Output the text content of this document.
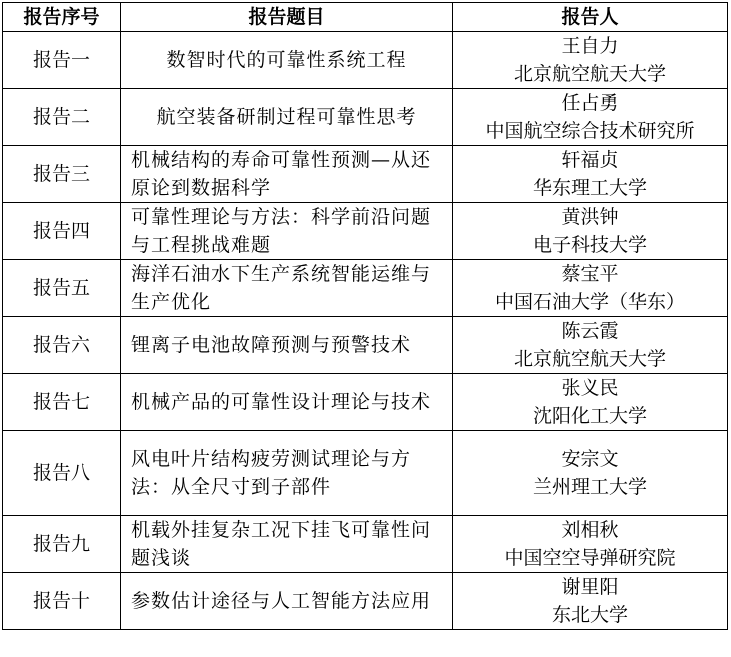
报告序号	报告题目	报告人
报告一	数智时代的可靠性系统工程	王自力
北京航空航天大学

报告二	航空装备研制过程可靠性思考	任占勇
中国航空综合技术研究所

报告三	机械结构的寿命可靠性预测—从还原论到数据科学	轩福贞
华东理工大学

报告四	可靠性理论与方法：科学前沿问题与工程挑战难题	黄洪钟
电子科技大学

报告五	海洋石油水下生产系统智能运维与生产优化	蔡宝平
中国石油大学（华东）

报告六	锂离子电池故障预测与预警技术	陈云霞
北京航空航天大学

报告七	机械产品的可靠性设计理论与技术	张义民
沈阳化工大学

报告八	风电叶片结构疲劳测试理论与方法：从全尺寸到子部件	安宗文
兰州理工大学

报告九	机载外挂复杂工况下挂飞可靠性问题浅谈	刘相秋
中国空空导弹研究院

报告十	参数估计途径与人工智能方法应用	谢里阳
东北大学
